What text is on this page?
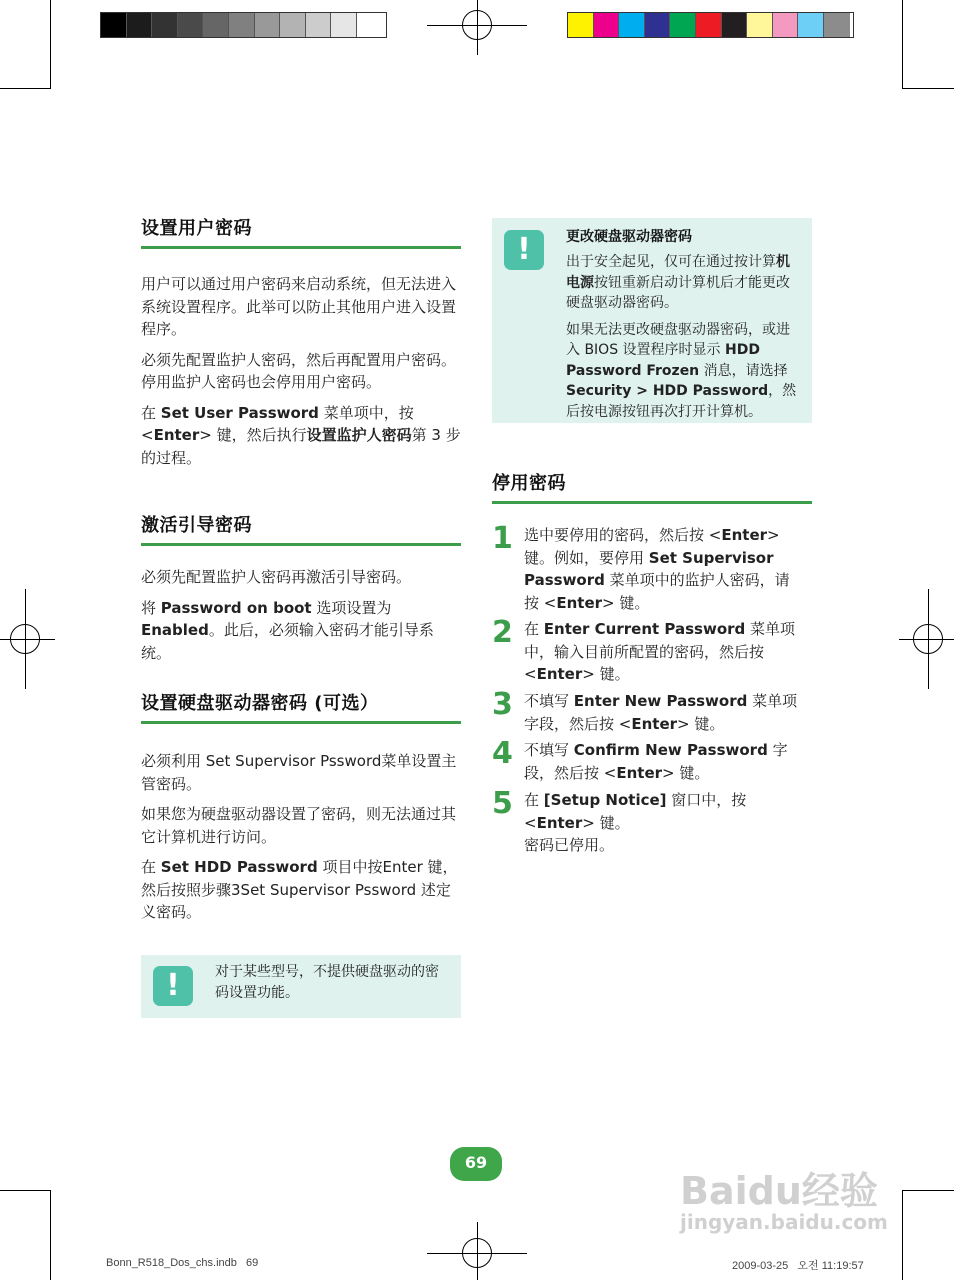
设置用户密码

用户可以通过用户密码来启动系统，但无法进入系统设置程序。此举可以防止其他用户进入设置程序。

必须先配置监护人密码，然后再配置用户密码。停用监护人密码也会停用用户密码。

在 Set User Password 菜单项中，按 <Enter> 键，然后执行设置监护人密码第 3 步的过程。

激活引导密码

必须先配置监护人密码再激活引导密码。

将 Password on boot 选项设置为 Enabled。此后，必须输入密码才能引导系统。

设置硬盘驱动器密码 (可选）

必须利用 Set Supervisor Pssword菜单设置主管密码。

如果您为硬盘驱动器设置了密码，则无法通过其它计算机进行访问。

在 Set HDD Password 项目中按Enter 键，然后按照步骤3Set Supervisor Pssword 述定义密码。

!	对于某些型号，不提供硬盘驱动的密码设置功能。

!	更改硬盘驱动器密码

出于安全起见，仅可在通过按计算机电源按钮重新启动计算机后才能更改硬盘驱动器密码。

如果无法更改硬盘驱动器密码，或进入 BIOS 设置程序时显示 HDD Password Frozen 消息，请选择 Security > HDD Password，然后按电源按钮再次打开计算机。

停用密码
1 选中要停用的密码，然后按 <Enter> 键。例如，要停用 Set Supervisor Password 菜单项中的监护人密码，请按 <Enter> 键。
2 在 Enter Current Password 菜单项中，输入目前所配置的密码，然后按 <Enter> 键。
3 不填写 Enter New Password 菜单项字段，然后按 <Enter> 键。
4 不填写 Confirm New Password 字段，然后按 <Enter> 键。
5 在 [Setup Notice] 窗口中，按 <Enter> 键。
密码已停用。
69
Baidu经验
jingyan.baidu.com
Bonn_R518_Dos_chs.indb   69	2009-03-25   오전 11:19:57
